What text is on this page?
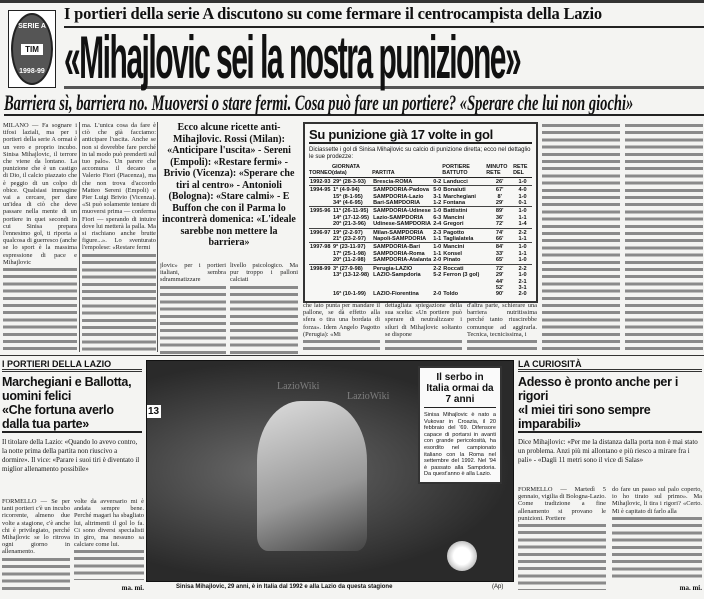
SERIE A
TIM
1998-99
I portieri della serie A discutono su come fermare il centrocampista della Lazio
«Mihajlovic sei la nostra punizione»
Barriera sì, barriera no. Muoversi o stare fermi. Cosa può fare un portiere? «Sperare che lui non giochi»
MILANO — Fa sognare i tifosi laziali, ma per i portieri della serie A ormai è un vero e proprio incubo. Sinisa Mihajlovic, il terrore che viene da lontano. La punizione che è un castigo di Dio, il calcio piazzato che è peggio di un colpo di obice. Qualsiasi immagine vai a cercare, per dare un'idea di ciò che deve passare nella mente di un portiere in quei secondi in cui Sinisa prepara l'ennesimo gol, ti riporta a qualcosa di guerresco (anche se lo sport è la massima espressione di pace e Mihajlovic
ma. L'unica cosa da fare è ciò che già facciamo: anticipare l'uscita. Anche se non si dovrebbe fare perché in tal modo può prenderti sul tuo palo». Un parere che accomuna il decano a Valerio Fiori (Piacenza), ma che non trova d'accordo Matteo Sereni (Empoli) e Pier Luigi Brivio (Vicenza). «Si può solamente tentare di muoversi prima — conferma Fiori — sperando di intuire dove lui metterà la palla. Ma si rischiano anche brutte figure...». Lo sventurato l'empolese: «Restare fermi
Ecco alcune ricette anti-Mihajlovic. Rossi (Milan): «Anticipare l'uscita» - Sereni (Empoli): «Restare fermi» - Brivio (Vicenza): «Sperare che tiri al centro» - Antonioli (Bologna): «Stare calmi» - E Buffon che con il Parma lo incontrerà domenica: «L'ideale sarebbe non mettere la barriera»
jlovic» per i portieri italiani, sembra sdrammatizzare
livello psicologico. Ma pur troppo i palloni calciati
Su punizione già 17 volte in gol
Diciassette i gol di Sinisa Mihajlovic su calcio di punizione diretta; ecco nel dettaglio le sue prodezze:
TORNEO	GIORNATA (data)	PARTITA		PORTIERE BATTUTO	MINUTO RETE	RETE DEL
1992-93	29ª (28-3-93)	Brescia-ROMA	0-2	Landucci	26'	1-0
1994-95	1ª (4-9-94)	SAMPDORIA-Padova	5-0	Bonaiuti	67'	4-0
	15ª (8-1-95)	SAMPDORIA-Lazio	3-1	Marchegiani	8'	1-0
	34ª (4-6-95)	Bari-SAMPDORIA	1-2	Fontana	29'	0-1
1995-96	11ª (26-11-95)	SAMPDORIA-Udinese	1-0	Battistini	89'	1-0
	14ª (17-12-95)	Lazio-SAMPDORIA	6-3	Mancini	36'	1-1
	20ª (21-3-96)	Udinese-SAMPDORIA	2-4	Gregori	72'	1-4
1996-97	19ª (2-2-97)	Milan-SAMPDORIA	2-3	Pagotto	74'	2-2
	21ª (23-2-97)	Napoli-SAMPDORIA	1-1	Taglialatela	66'	1-1
1997-98	9ª (23-11-97)	SAMPDORIA-Bari	1-0	Mancini	84'	1-0
	17ª (25-1-98)	SAMPDORIA-Roma	1-1	Konsel	33'	1-1
	20ª (11-2-98)	SAMPDORIA-Atalanta	2-0	Pinato	65'	1-0
1998-99	3ª (27-9-98)	Perugia-LAZIO	2-2	Roccati	72'	2-2
	13ª (13-12-98)	LAZIO-Sampdoria	5-2	Ferron (3 gol)	29'	1-0
					44'	2-1
					52'	3-1
	16ª (10-1-99)	LAZIO-Fiorentina	2-0	Toldo	90'	2-0
che lato punta per mandare il pallone, se dà effetto alla sfera o tira una bordata di forza». Idem Angelo Pagotto (Perugia): «Mi
dettagliata spiegazione della sua scelta: «Un portiere può sperare di neutralizzare i siluri di Mihajlovic soltanto se dispone
d'altra parte, schierare una barriera nutritissima perché tanto riuscirebbe comunque ad aggirarla. Tecnica, tecnicissima, i
I PORTIERI DELLA LAZIO
Marchegiani e Ballotta, uomini felici
«Che fortuna averlo dalla tua parte»
Il titolare della Lazio: «Quando lo avevo contro, la notte prima della partita non riuscivo a dormire». Il vice: «Parare i suoi tiri è diventato il miglior allenamento possibile»
FORMELLO — Se per tanti portieri c'è un incubo ricorrente, almeno due volte a stagione, c'è anche chi è privilegiato, perché Mihajlovic se lo ritrova ogni giorno in allenamento.
volte da avversario mi è andata sempre bene. Perché magari ha sbagliato lui, altrimenti il gol lo fa. Ci sono diversi specialisti in giro, ma nessuno sa calciare come lui.
ma. mi.
LazioWiki
LazioWiki
13
Il serbo in Italia ormai da 7 anni

Sinisa Mihajlovic è nato a Vukovar in Croazia, il 20 febbraio del '69. Difensore capace di portarsi in avanti con grande pericolosità, ha esordito nel campionato italiano con la Roma nel settembre del 1992. Nel '94 è passato alla Sampdoria. Da quest'anno è alla Lazio.

Sinisa Mihajlovic, 29 anni, è in Italia dal 1992 e alla Lazio da questa stagione	(Ap)
LA CURIOSITÀ
Adesso è pronto anche per i rigori
«I miei tiri sono sempre imparabili»
Dice Mihajlovic: «Per me la distanza dalla porta non è mai stato un problema. Anzi più mi allontano e più riesco a mirare fra i pali» - «Dagli 11 metri sono il vice di Salas»
FORMELLO — Martedì 5 gennaio, vigilia di Bologna-Lazio. Come tradizione a fine allenamento si provano le punizioni. Portiere
do fare un passo sul palo coperto, io ho tirato sul primo». Ma Mihajlovic, li tira i rigori? «Certo. Mi è capitato di farlo alla
ma. mi.
